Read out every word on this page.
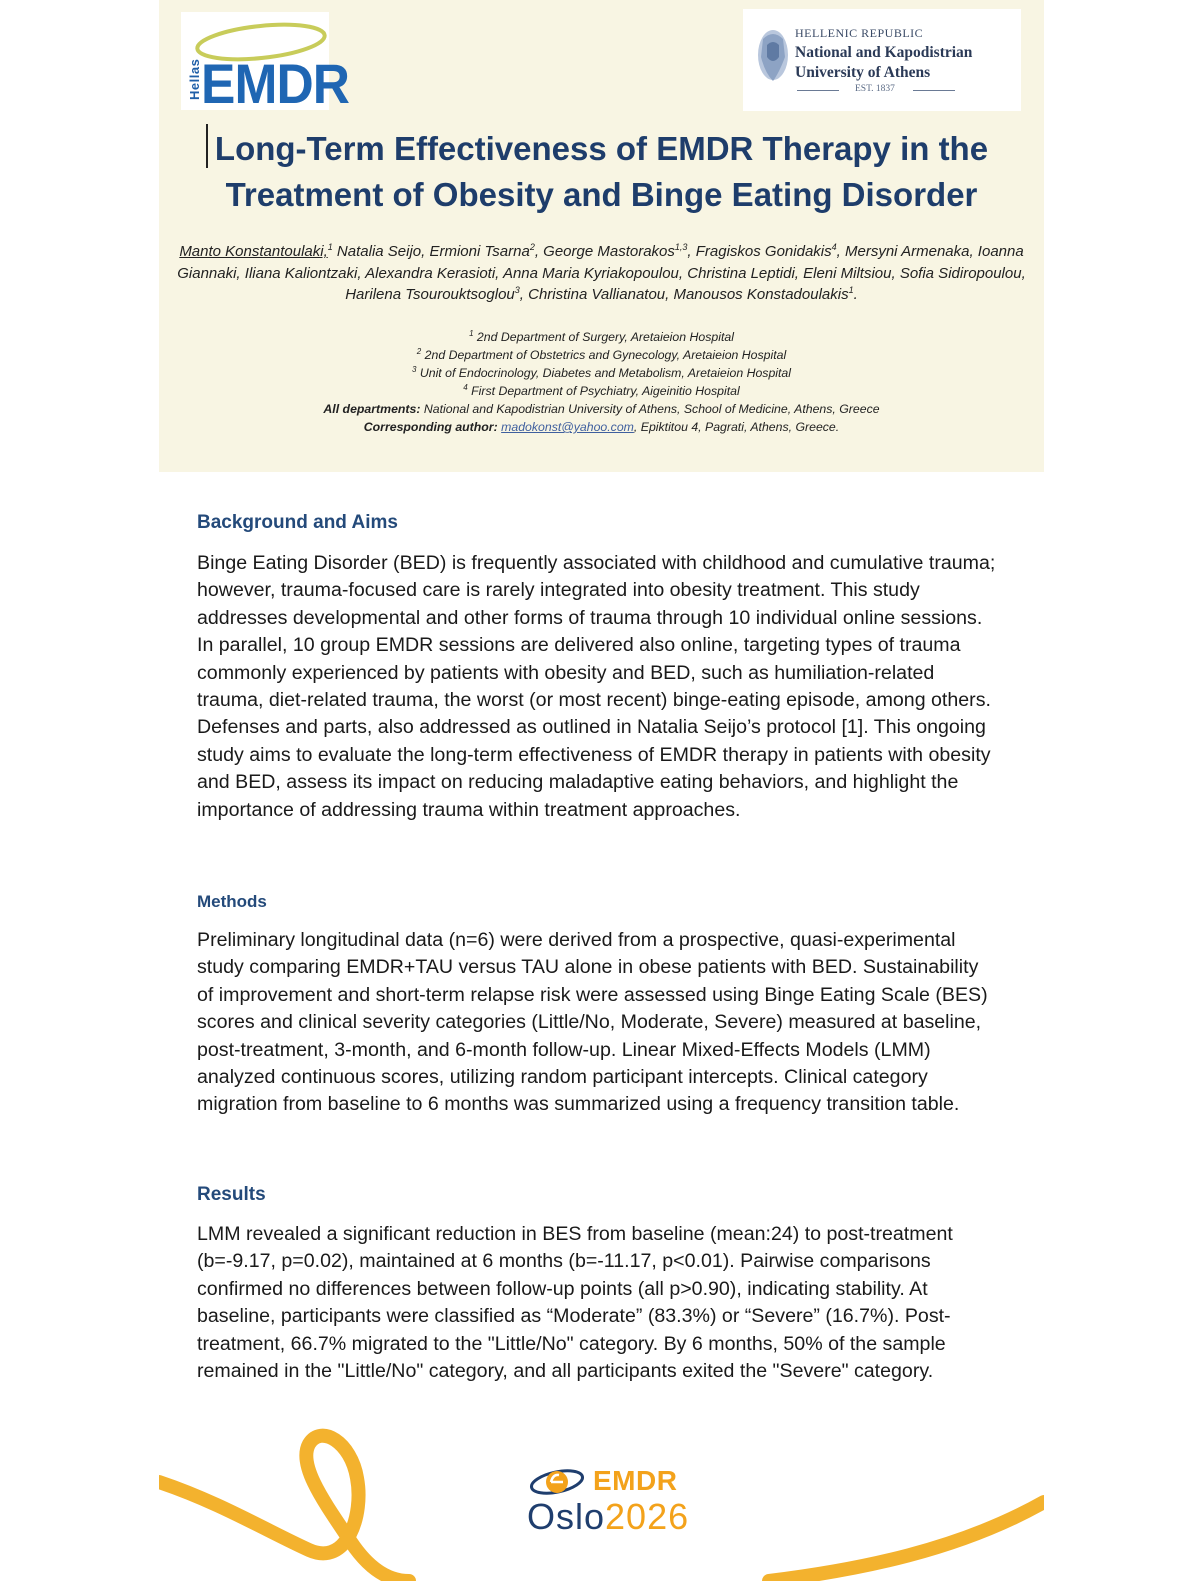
Hellas EMDR
HELLENIC REPUBLIC
National and Kapodistrian
University of Athens
EST. 1837
Long-Term Effectiveness of EMDR Therapy in the
Treatment of Obesity and Binge Eating Disorder
Manto Konstantoulaki,$^1$ Natalia Seijo, Ermioni Tsarna$^2$, George Mastorakos$^{1,3}$, Fragiskos Gonidakis$^4$, Mersyni Armenaka, Ioanna Giannaki, Iliana Kaliontzaki, Alexandra Kerasioti, Anna Maria Kyriakopoulou, Christina Leptidi, Eleni Miltsiou, Sofia Sidiropoulou, Harilena Tsourouktsoglou$^3$, Christina Vallianatou, Manousos Konstadoulakis$^1$.
$^1$ 2nd Department of Surgery, Aretaieion Hospital
$^2$ 2nd Department of Obstetrics and Gynecology, Aretaieion Hospital
$^3$ Unit of Endocrinology, Diabetes and Metabolism, Aretaieion Hospital
$^4$ First Department of Psychiatry, Aigeinitio Hospital
All departments: National and Kapodistrian University of Athens, School of Medicine, Athens, Greece
Corresponding author: madokonst@yahoo.com, Epiktitou 4, Pagrati, Athens, Greece.
Background and Aims

Binge Eating Disorder (BED) is frequently associated with childhood and cumulative trauma; however, trauma-focused care is rarely integrated into obesity treatment. This study addresses developmental and other forms of trauma through 10 individual online sessions. In parallel, 10 group EMDR sessions are delivered also online, targeting types of trauma commonly experienced by patients with obesity and BED, such as humiliation-related trauma, diet-related trauma, the worst (or most recent) binge-eating episode, among others. Defenses and parts, also addressed as outlined in Natalia Seijo’s protocol [1]. This ongoing study aims to evaluate the long-term effectiveness of EMDR therapy in patients with obesity and BED, assess its impact on reducing maladaptive eating behaviors, and highlight the importance of addressing trauma within treatment approaches.

Methods

Preliminary longitudinal data (n=6) were derived from a prospective, quasi-experimental study comparing EMDR+TAU versus TAU alone in obese patients with BED. Sustainability of improvement and short-term relapse risk were assessed using Binge Eating Scale (BES) scores and clinical severity categories (Little/No, Moderate, Severe) measured at baseline, post-treatment, 3-month, and 6-month follow-up. Linear Mixed-Effects Models (LMM) analyzed continuous scores, utilizing random participant intercepts. Clinical category migration from baseline to 6 months was summarized using a frequency transition table.

Results

LMM revealed a significant reduction in BES from baseline (mean:24) to post-treatment (b=-9.17, p=0.02), maintained at 6 months (b=-11.17, p<0.01). Pairwise comparisons confirmed no differences between follow-up points (all p>0.90), indicating stability. At baseline, participants were classified as “Moderate” (83.3%) or “Severe” (16.7%). Post-treatment, 66.7% migrated to the "Little/No" category. By 6 months, 50% of the sample remained in the "Little/No" category, and all participants exited the "Severe" category.

EMDR
Oslo2026
